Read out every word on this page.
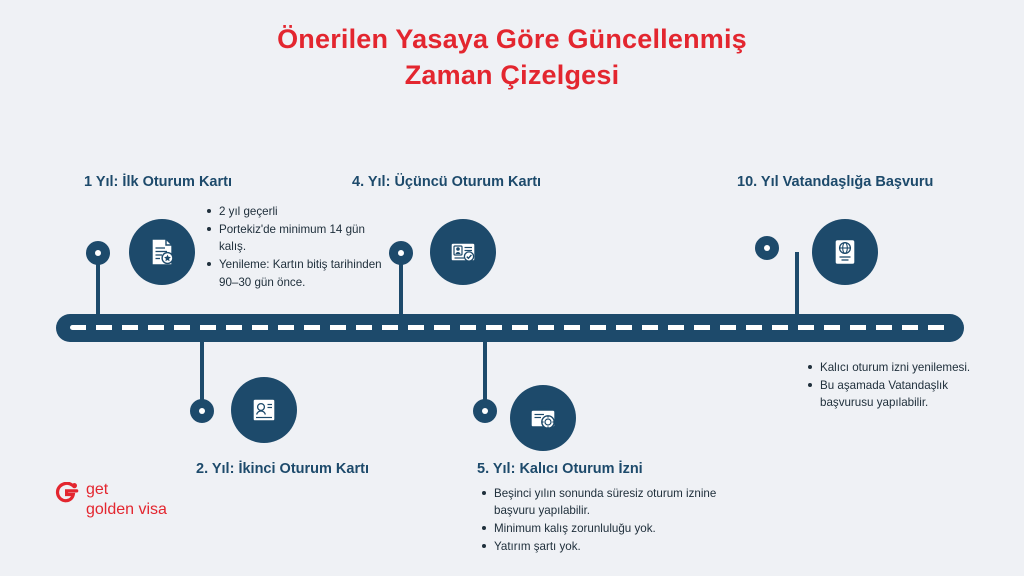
Önerilen Yasaya Göre Güncellenmiş
Zaman Çizelgesi
1 Yıl: İlk Oturum Kartı
2 yıl geçerli
Portekiz'de minimum 14 gün kalış.
Yenileme: Kartın bitiş tarihinden 90–30 gün önce.
2. Yıl: İkinci Oturum Kartı
4. Yıl: Üçüncü Oturum Kartı
5. Yıl: Kalıcı Oturum İzni
Beşinci yılın sonunda süresiz oturum iznine başvuru yapılabilir.
Minimum kalış zorunluluğu yok.
Yatırım şartı yok.
10. Yıl Vatandaşlığa Başvuru
Kalıcı oturum izni yenilemesi.
Bu aşamada Vatandaşlık başvurusu yapılabilir.
get
golden visa
